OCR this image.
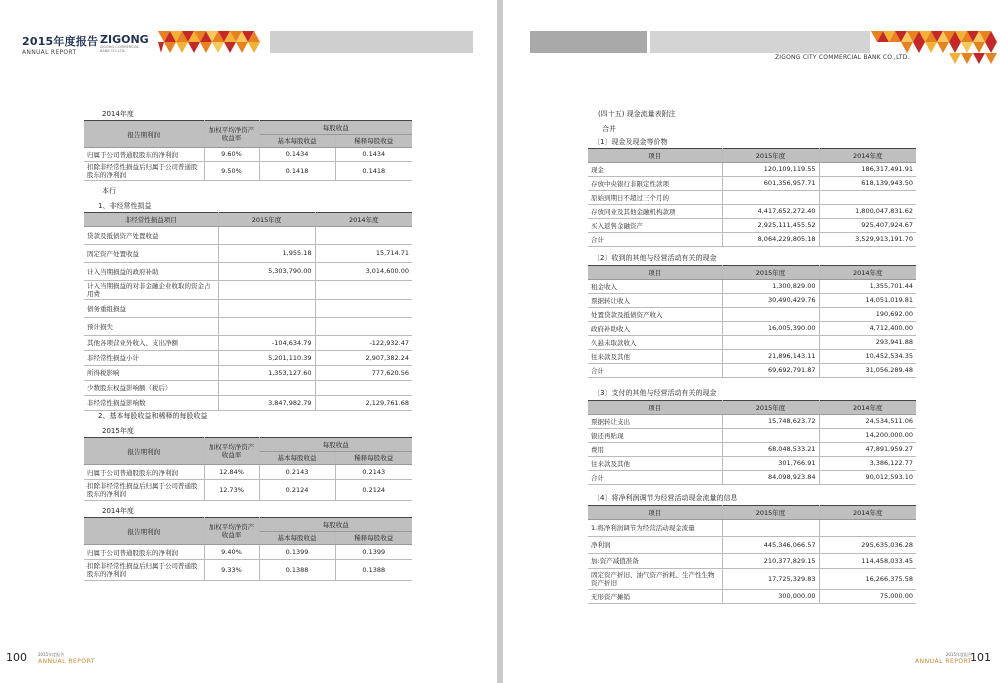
2015年度报告
ANNUAL REPORT
ZIGONG
ZIGONG COMMERCIAL BANK CO.,LTD.
2014年度
报告期利润	加权平均净资产收益率	每股收益	
		基本每股收益	稀释每股收益
归属于公司普通股股东的净利润	9.60%	0.1434	0.1434
扣除非经常性损益后归属于公司普通股股东的净利润	9.50%	0.1418	0.1418
本行
1、非经常性损益
非经常性损益项目	2015年度	2014年度
贷款及抵债资产处置收益		
固定资产处置收益	1,955.18	15,714.71
计入当期损益的政府补助	5,303,790.00	3,014,600.00
计入当期损益的对非金融企业收取的资金占用费		
债务重组损益		
预计损失		
其他各项营业外收入、支出净额	-104,634.79	-122,932.47
非经常性损益小计	5,201,110.39	2,907,382.24
所得税影响	1,353,127.60	777,620.56
少数股东权益影响额（税后）		
非经常性损益影响数	3,847,982.79	2,129,761.68
2、基本每股收益和稀释的每股收益
2015年度
报告期利润	加权平均净资产收益率	每股收益	
		基本每股收益	稀释每股收益
归属于公司普通股股东的净利润	12.84%	0.2143	0.2143
扣除非经常性损益后归属于公司普通股股东的净利润	12.73%	0.2124	0.2124
2014年度
报告期利润	加权平均净资产收益率	每股收益	
		基本每股收益	稀释每股收益
归属于公司普通股股东的净利润	9.40%	0.1399	0.1399
扣除非经常性损益后归属于公司普通股股东的净利润	9.33%	0.1388	0.1388
100	2015年度报告
ANNUAL REPORT
ZIGONG CITY COMMERCIAL BANK CO.,LTD.
(四十五) 现金流量表附注
合并
〔1〕现金及现金等价物
项目	2015年度	2014年度
现金	120,109,119.55	186,317,491.91
存放中央银行非限定性款项	601,356,957.71	618,139,943.50
原始到期日不超过三个月的		
存放同业及其他金融机构款项	4,417,652,272.40	1,800,047,831.62
买入返售金融资产	2,925,111,455.52	925,407,924.67
合计	8,064,229,805.18	3,529,913,191.70
〔2〕收到的其他与经营活动有关的现金
项目	2015年度	2014年度
租金收入	1,300,829.00	1,355,701.44
票据转让收入	30,490,429.76	14,051,019.81
处置贷款及抵债资产收入		190,692.00
政府补助收入	16,005,390.00	4,712,400.00
久悬未取款收入		293,941.88
往来款及其他	21,896,143.11	10,452,534.35
合计	69,692,791.87	31,056,289.48
〔3〕支付的其他与经营活动有关的现金
项目	2015年度	2014年度
票据转让支出	15,748,623.72	24,534,511.06
银还再贴现		14,200,000.00
费用	68,048,533.21	47,891,959.27
往来款及其他	301,766.91	3,386,122.77
合计	84,098,923.84	90,012,593.10
〔4〕将净利润调节为经营活动现金流量的信息
项目	2015年度	2014年度
1.将净利润调节为经营活动现金流量		
净利润	445,346,066.57	295,635,036.28
加:资产减值准备	210,377,829.15	114,458,033.45
固定资产折旧、油气资产折耗、生产性生物资产折旧	17,725,329.83	16,266,375.58
无形资产摊销	300,000.00	75,000.00
2015年度报告
ANNUAL REPORT
101
